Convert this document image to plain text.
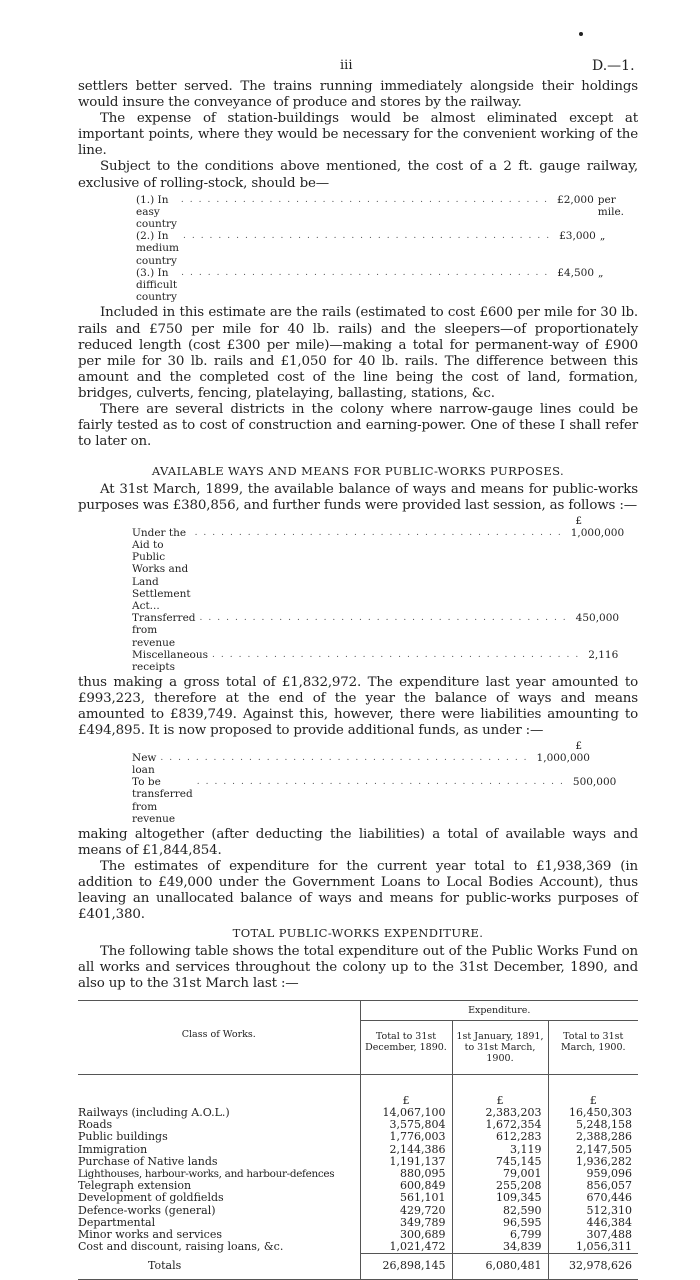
iii	D.—1.

settlers better served. The trains running immediately alongside their holdings would insure the conveyance of produce and stores by the railway.

The expense of station-buildings would be almost eliminated except at important points, where they would be necessary for the convenient working of the line.

Subject to the conditions above mentioned, the cost of a 2 ft. gauge railway, exclusive of rolling-stock, should be—

(1.) In easy country
.......................................... £2,000 per mile.
(2.) In medium country
.......................................... £3,000 „
(3.) In difficult country
.......................................... £4,500 „

Included in this estimate are the rails (estimated to cost £600 per mile for 30 lb. rails and £750 per mile for 40 lb. rails) and the sleepers—of proportionately reduced length (cost £300 per mile)—making a total for permanent-way of £900 per mile for 30 lb. rails and £1,050 for 40 lb. rails. The difference between this amount and the completed cost of the line being the cost of land, formation, bridges, culverts, fencing, platelaying, ballasting, stations, &c.

There are several districts in the colony where narrow-gauge lines could be fairly tested as to cost of construction and earning-power. One of these I shall refer to later on.

AVAILABLE WAYS AND MEANS FOR PUBLIC-WORKS PURPOSES.

At 31st March, 1899, the available balance of ways and means for public-works purposes was £380,856, and further funds were provided last session, as follows :—

£
Under the Aid to Public Works and Land Settlement Act...
.......................................... 1,000,000
Transferred from revenue
.......................................... 450,000
Miscellaneous receipts
.......................................... 2,116

thus making a gross total of £1,832,972. The expenditure last year amounted to £993,223, therefore at the end of the year the balance of ways and means amounted to £839,749. Against this, however, there were liabilities amounting to £494,895. It is now proposed to provide additional funds, as under :—

£
New loan
.......................................... 1,000,000
To be transferred from revenue
.......................................... 500,000

making altogether (after deducting the liabilities) a total of available ways and means of £1,844,854.

The estimates of expenditure for the current year total to £1,938,369 (in addition to £49,000 under the Government Loans to Local Bodies Account), thus leaving an unallocated balance of ways and means for public-works purposes of £401,380.

TOTAL PUBLIC-WORKS EXPENDITURE.

The following table shows the total expenditure out of the Public Works Fund on all works and services throughout the colony up to the 31st December, 1890, and also up to the 31st March last :—

Class of Works.	Expenditure.		
	Total to 31st December, 1890.	1st January, 1891, to 31st March, 1900.	Total to 31st March, 1900.
	£	£	£
Railways (including A.O.L.)	14,067,100	2,383,203	16,450,303
Roads	3,575,804	1,672,354	5,248,158
Public buildings	1,776,003	612,283	2,388,286
Immigration	2,144,386	3,119	2,147,505
Purchase of Native lands	1,191,137	745,145	1,936,282
Lighthouses, harbour-works, and harbour-defences	880,095	79,001	959,096
Telegraph extension	600,849	255,208	856,057
Development of goldfields	561,101	109,345	670,446
Defence-works (general)	429,720	82,590	512,310
Departmental	349,789	96,595	446,384
Minor works and services	300,689	6,799	307,488
Cost and discount, raising loans, &c.	1,021,472	34,839	1,056,311
Totals	26,898,145	6,080,481	32,978,626
